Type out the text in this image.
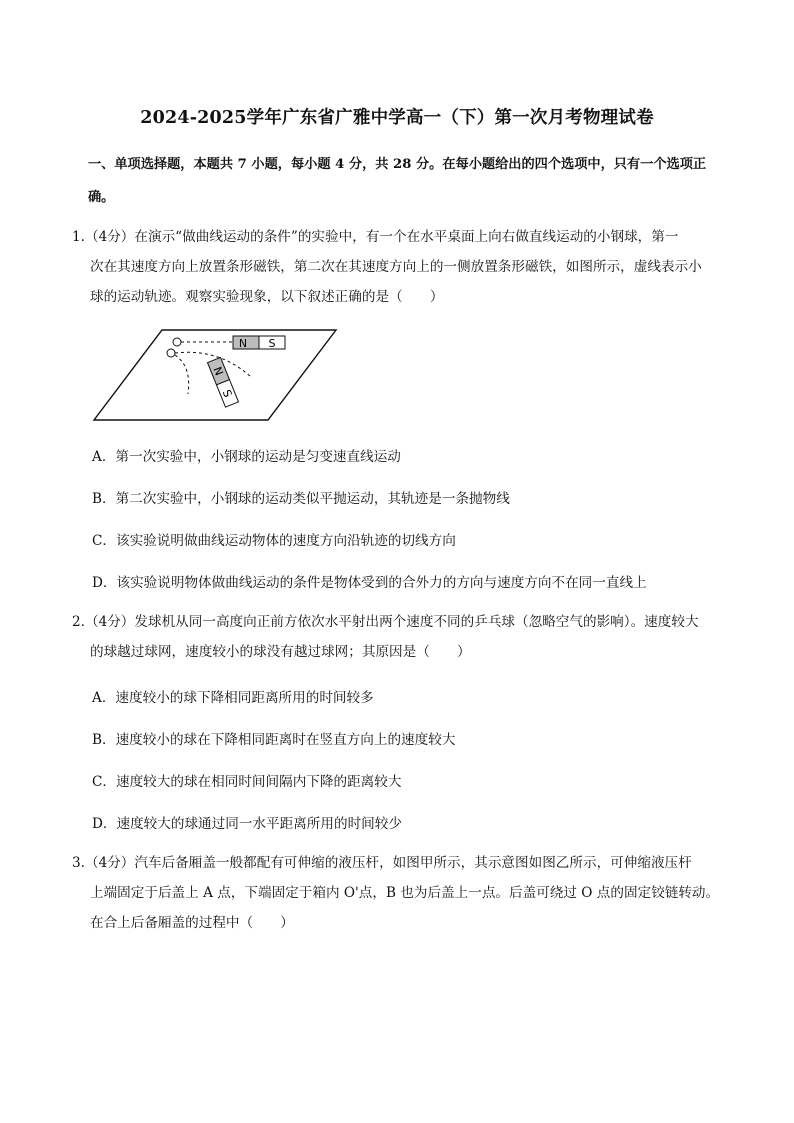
2024-2025学年广东省广雅中学高一（下）第一次月考物理试卷
一、单项选择题，本题共 7 小题，每小题 4 分，共 28 分。在每小题给出的四个选项中，只有一个选项正
确。
1.（4分）在演示“做曲线运动的条件”的实验中，有一个在水平桌面上向右做直线运动的小钢球，第一
次在其速度方向上放置条形磁铁，第二次在其速度方向上的一侧放置条形磁铁，如图所示，虚线表示小
球的运动轨迹。观察实验现象，以下叙述正确的是（　　）
N S
N
S
A．第一次实验中，小钢球的运动是匀变速直线运动
B．第二次实验中，小钢球的运动类似平抛运动，其轨迹是一条抛物线
C．该实验说明做曲线运动物体的速度方向沿轨迹的切线方向
D．该实验说明物体做曲线运动的条件是物体受到的合外力的方向与速度方向不在同一直线上
2.（4分）发球机从同一高度向正前方依次水平射出两个速度不同的乒乓球（忽略空气的影响）。速度较大
的球越过球网，速度较小的球没有越过球网；其原因是（　　）
A．速度较小的球下降相同距离所用的时间较多
B．速度较小的球在下降相同距离时在竖直方向上的速度较大
C．速度较大的球在相同时间间隔内下降的距离较大
D．速度较大的球通过同一水平距离所用的时间较少
3.（4分）汽车后备厢盖一般都配有可伸缩的液压杆，如图甲所示，其示意图如图乙所示，可伸缩液压杆
上端固定于后盖上 A 点，下端固定于箱内 O'点，B 也为后盖上一点。后盖可绕过 O 点的固定铰链转动。
在合上后备厢盖的过程中（　　）
